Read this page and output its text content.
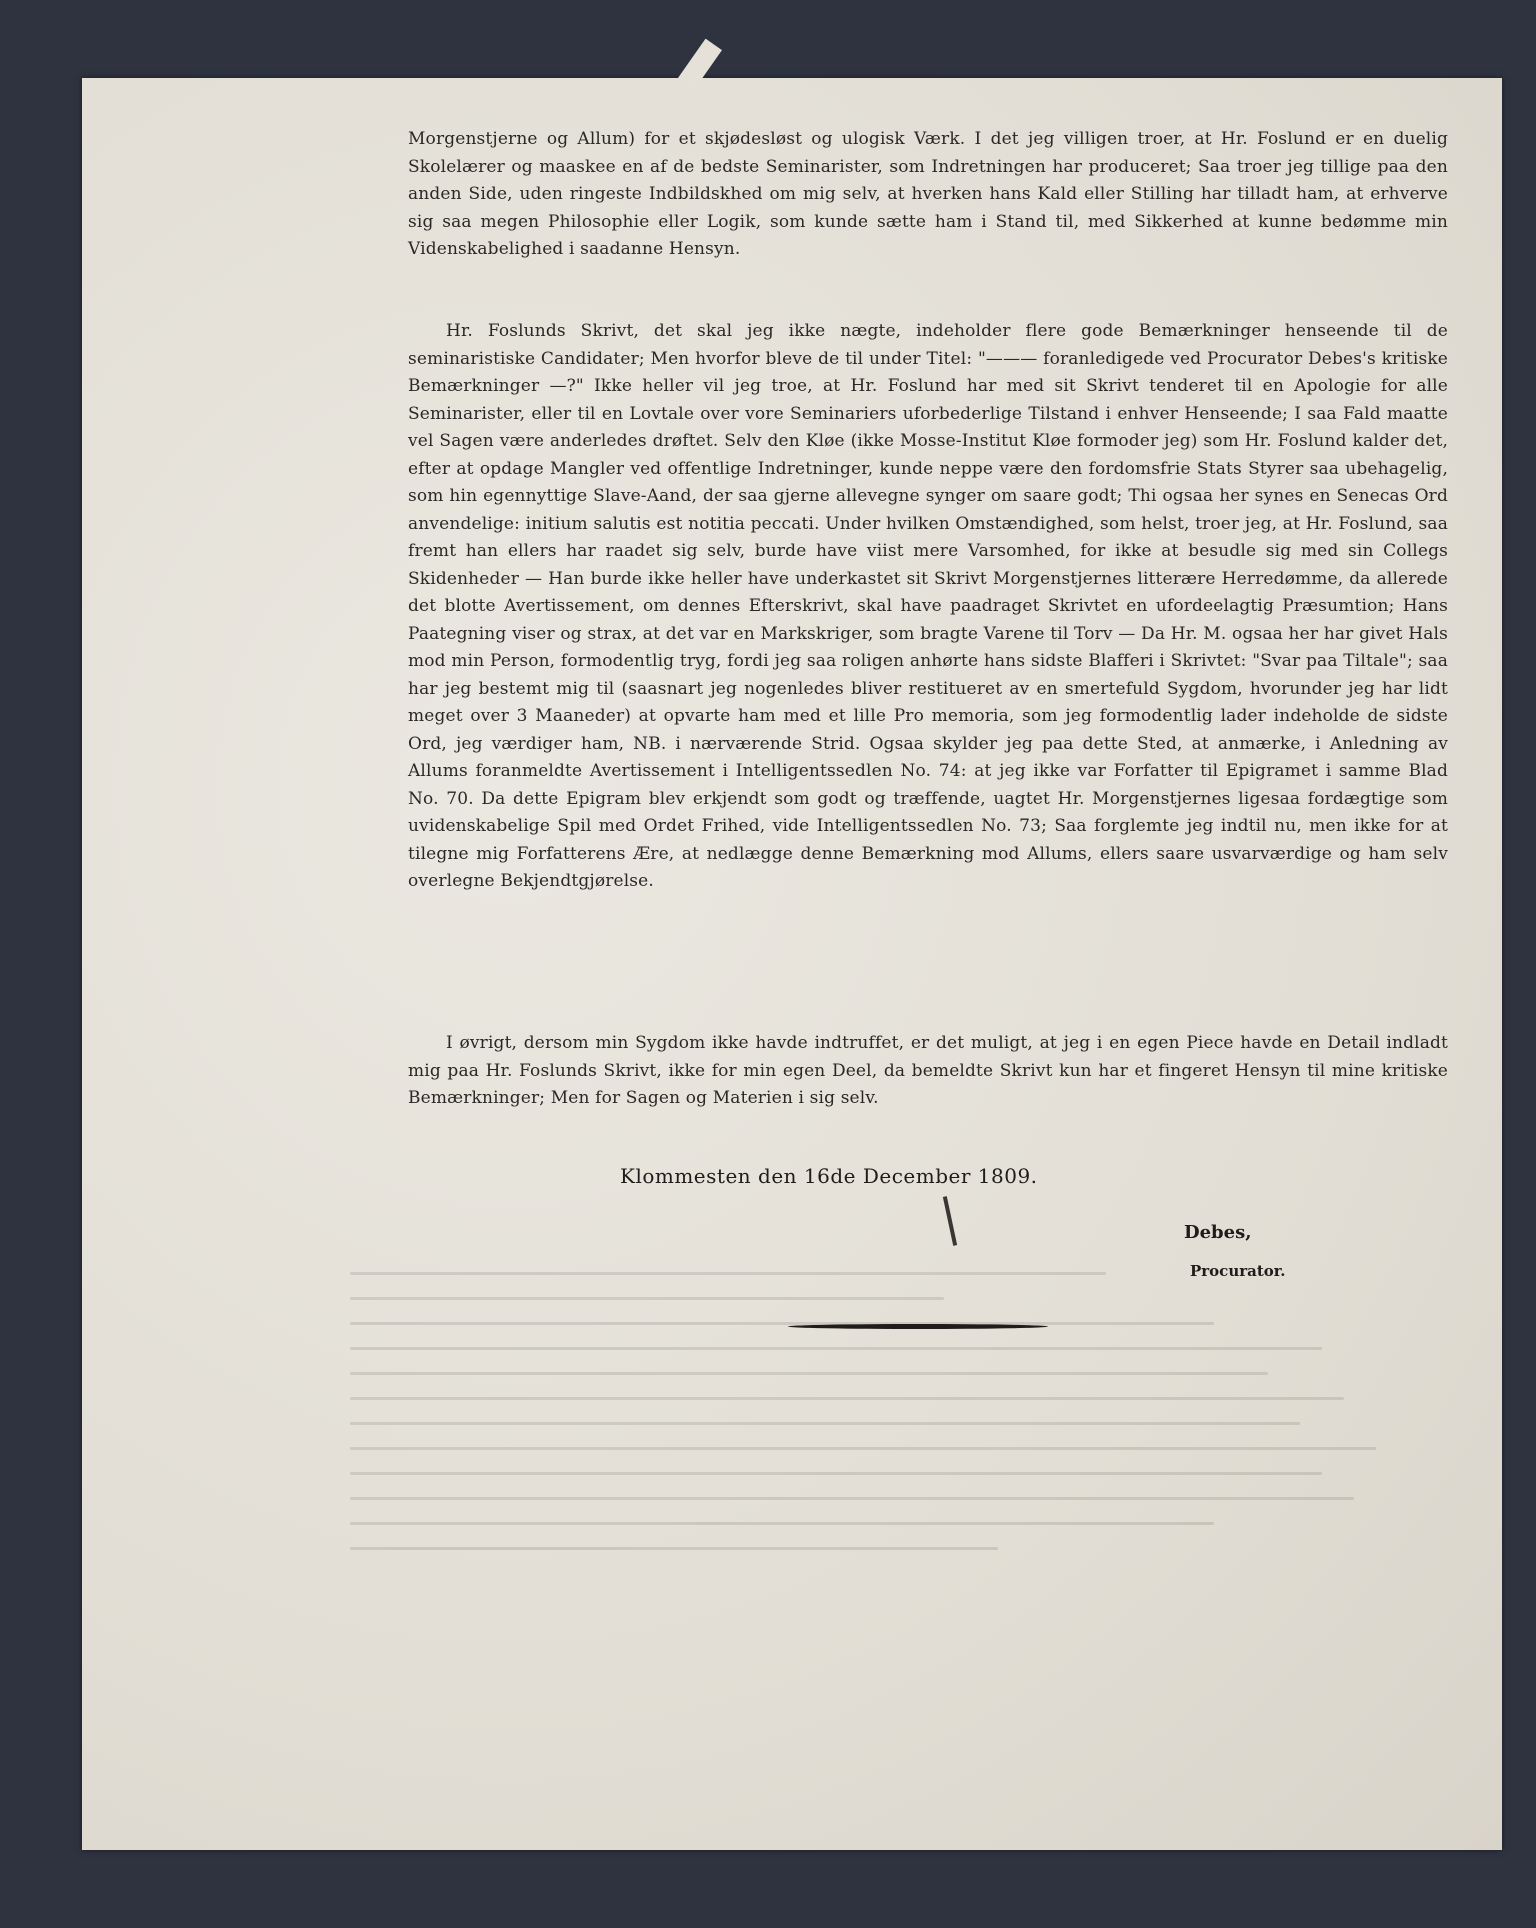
Morgenstjerne og Allum) for et skjødesløst og ulogisk Værk. I det jeg villigen troer, at Hr. Foslund er en duelig Skolelærer og maaskee en af de bedste Seminarister, som Indretningen har produceret; Saa troer jeg tillige paa den anden Side, uden ringeste Indbildskhed om mig selv, at hverken hans Kald eller Stilling har tilladt ham, at erhverve sig saa megen Philosophie eller Logik, som kunde sætte ham i Stand til, med Sikkerhed at kunne bedømme min Videnskabelighed i saadanne Hensyn.

Hr. Foslunds Skrivt, det skal jeg ikke nægte, indeholder flere gode Bemærkninger henseende til de seminaristiske Candidater; Men hvorfor bleve de til under Titel: "——— foranledigede ved Procurator Debes's kritiske Bemærkninger —?" Ikke heller vil jeg troe, at Hr. Foslund har med sit Skrivt tenderet til en Apologie for alle Seminarister, eller til en Lovtale over vore Seminariers uforbederlige Tilstand i enhver Henseende; I saa Fald maatte vel Sagen være anderledes drøftet. Selv den Kløe (ikke Mosse-Institut Kløe formoder jeg) som Hr. Foslund kalder det, efter at opdage Mangler ved offentlige Indretninger, kunde neppe være den fordomsfrie Stats Styrer saa ubehagelig, som hin egennyttige Slave-Aand, der saa gjerne allevegne synger om saare godt; Thi ogsaa her synes en Senecas Ord anvendelige: initium salutis est notitia peccati. Under hvilken Omstændighed, som helst, troer jeg, at Hr. Foslund, saa fremt han ellers har raadet sig selv, burde have viist mere Varsomhed, for ikke at besudle sig med sin Collegs Skidenheder — Han burde ikke heller have underkastet sit Skrivt Morgenstjernes litterære Herredømme, da allerede det blotte Avertissement, om dennes Efterskrivt, skal have paadraget Skrivtet en ufordeelagtig Præsumtion; Hans Paategning viser og strax, at det var en Markskriger, som bragte Varene til Torv — Da Hr. M. ogsaa her har givet Hals mod min Person, formodentlig tryg, fordi jeg saa roligen anhørte hans sidste Blafferi i Skrivtet: "Svar paa Tiltale"; saa har jeg bestemt mig til (saasnart jeg nogenledes bliver restitueret av en smertefuld Sygdom, hvorunder jeg har lidt meget over 3 Maaneder) at opvarte ham med et lille Pro memoria, som jeg formodentlig lader indeholde de sidste Ord, jeg værdiger ham, NB. i nærværende Strid. Ogsaa skylder jeg paa dette Sted, at anmærke, i Anledning av Allums foranmeldte Avertissement i Intelligentssedlen No. 74: at jeg ikke var Forfatter til Epigramet i samme Blad No. 70. Da dette Epigram blev erkjendt som godt og træffende, uagtet Hr. Morgenstjernes ligesaa fordægtige som uvidenskabelige Spil med Ordet Frihed, vide Intelligentssedlen No. 73; Saa forglemte jeg indtil nu, men ikke for at tilegne mig Forfatterens Ære, at nedlægge denne Bemærkning mod Allums, ellers saare usvarværdige og ham selv overlegne Bekjendtgjørelse.

I øvrigt, dersom min Sygdom ikke havde indtruffet, er det muligt, at jeg i en egen Piece havde en Detail indladt mig paa Hr. Foslunds Skrivt, ikke for min egen Deel, da bemeldte Skrivt kun har et fingeret Hensyn til mine kritiske Bemærkninger; Men for Sagen og Materien i sig selv.

Klommesten den 16de December 1809.
Debes,
Procurator.
